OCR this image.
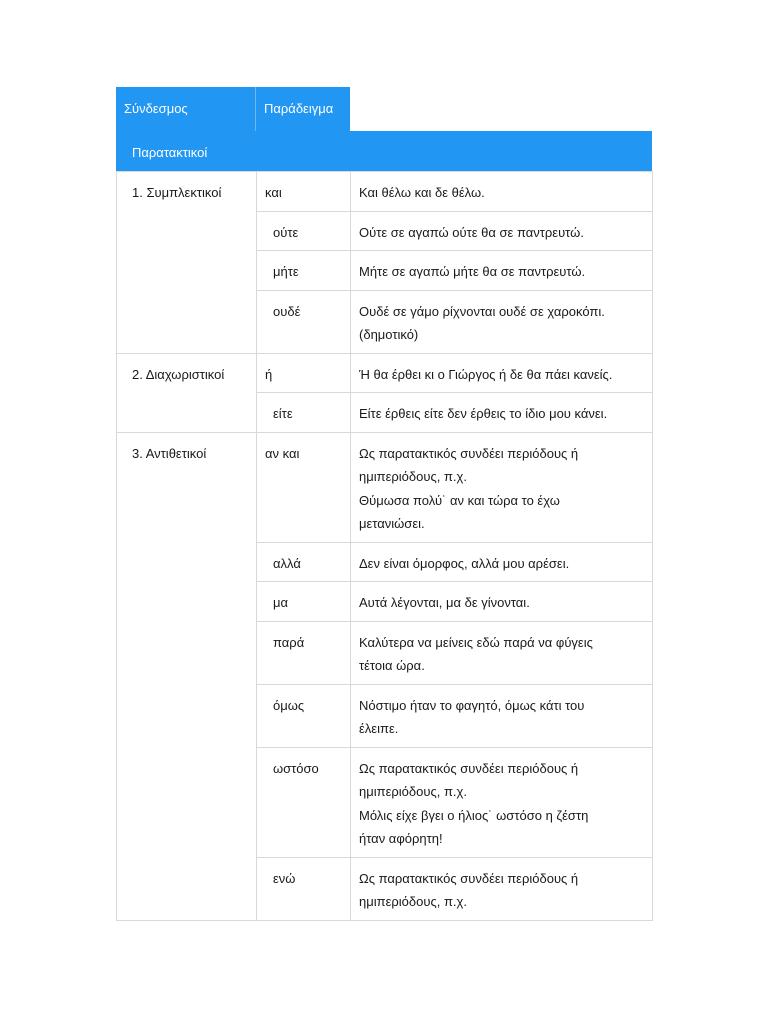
Σύνδεσμος	Παράδειγμα
Παρατακτικοί
1. Συμπλεκτικοί	και	Και θέλω και δε θέλω.

	ούτε	Ούτε σε αγαπώ ούτε θα σε παντρευτώ.

	μήτε	Μήτε σε αγαπώ μήτε θα σε παντρευτώ.

	ουδέ	Ουδέ σε γάμο ρίχνονται ουδέ σε χαροκόπι.
(δημοτικό)

2. Διαχωριστικοί	ή	Ή θα έρθει κι ο Γιώργος ή δε θα πάει κανείς.

	είτε	Είτε έρθεις είτε δεν έρθεις το ίδιο μου κάνει.

3. Αντιθετικοί	αν και	Ως παρατακτικός συνδέει περιόδους ή
ημιπεριόδους, π.χ.
Θύμωσα πολύ˙ αν και τώρα το έχω
μετανιώσει.

	αλλά	Δεν είναι όμορφος, αλλά μου αρέσει.

	μα	Αυτά λέγονται, μα δε γίνονται.

	παρά	Καλύτερα να μείνεις εδώ παρά να φύγεις
τέτοια ώρα.

	όμως	Νόστιμο ήταν το φαγητό, όμως κάτι του
έλειπε.

	ωστόσο	Ως παρατακτικός συνδέει περιόδους ή
ημιπεριόδους, π.χ.
Μόλις είχε βγει ο ήλιος˙ ωστόσο η ζέστη
ήταν αφόρητη!

	ενώ	Ως παρατακτικός συνδέει περιόδους ή
ημιπεριόδους, π.χ.
